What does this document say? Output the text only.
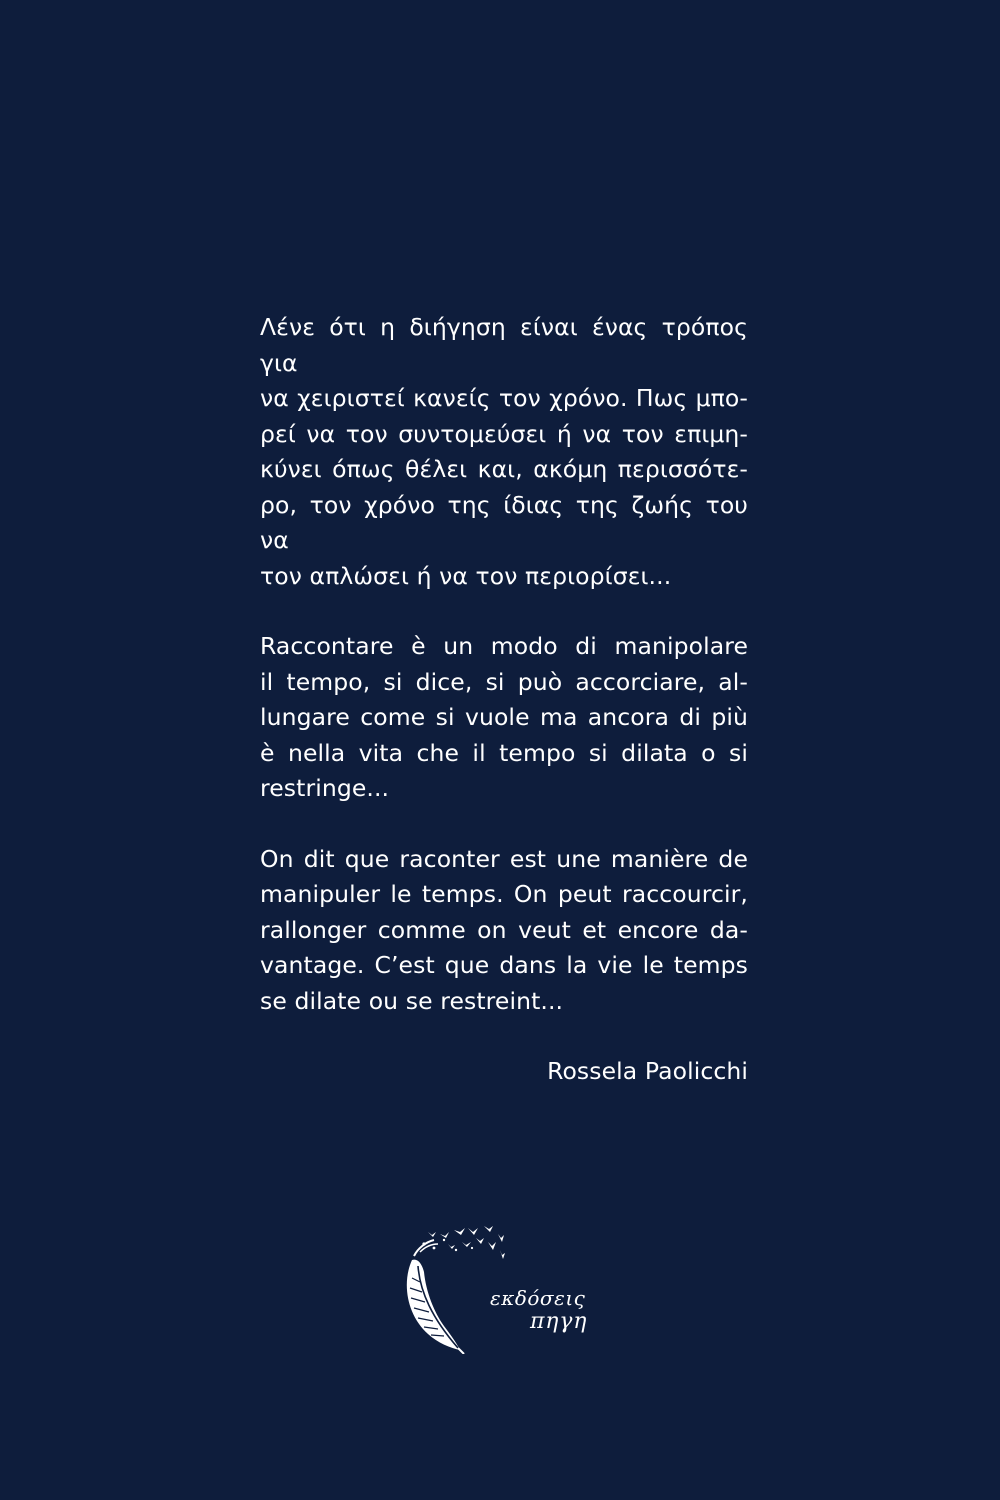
Λένε ότι η διήγηση είναι ένας τρόπος για
να χειριστεί κανείς τον χρόνο. Πως μπο-
ρεί να τον συντομεύσει ή να τον επιμη-
κύνει όπως θέλει και, ακόμη περισσότε-
ρο, τον χρόνο της ίδιας της ζωής του να
τον απλώσει ή να τον περιορίσει...
Raccontare è un modo di manipolare
il tempo, si dice, si può accorciare, al-
lungare come si vuole ma ancora di più
è nella vita che il tempo si dilata o si
restringe...
On dit que raconter est une manière de
manipuler le temps. On peut raccourcir,
rallonger comme on veut et encore da-
vantage. C’est que dans la vie le temps
se dilate ou se restreint...
Rossela Paolicchi
εκδόσεις
πηγη
